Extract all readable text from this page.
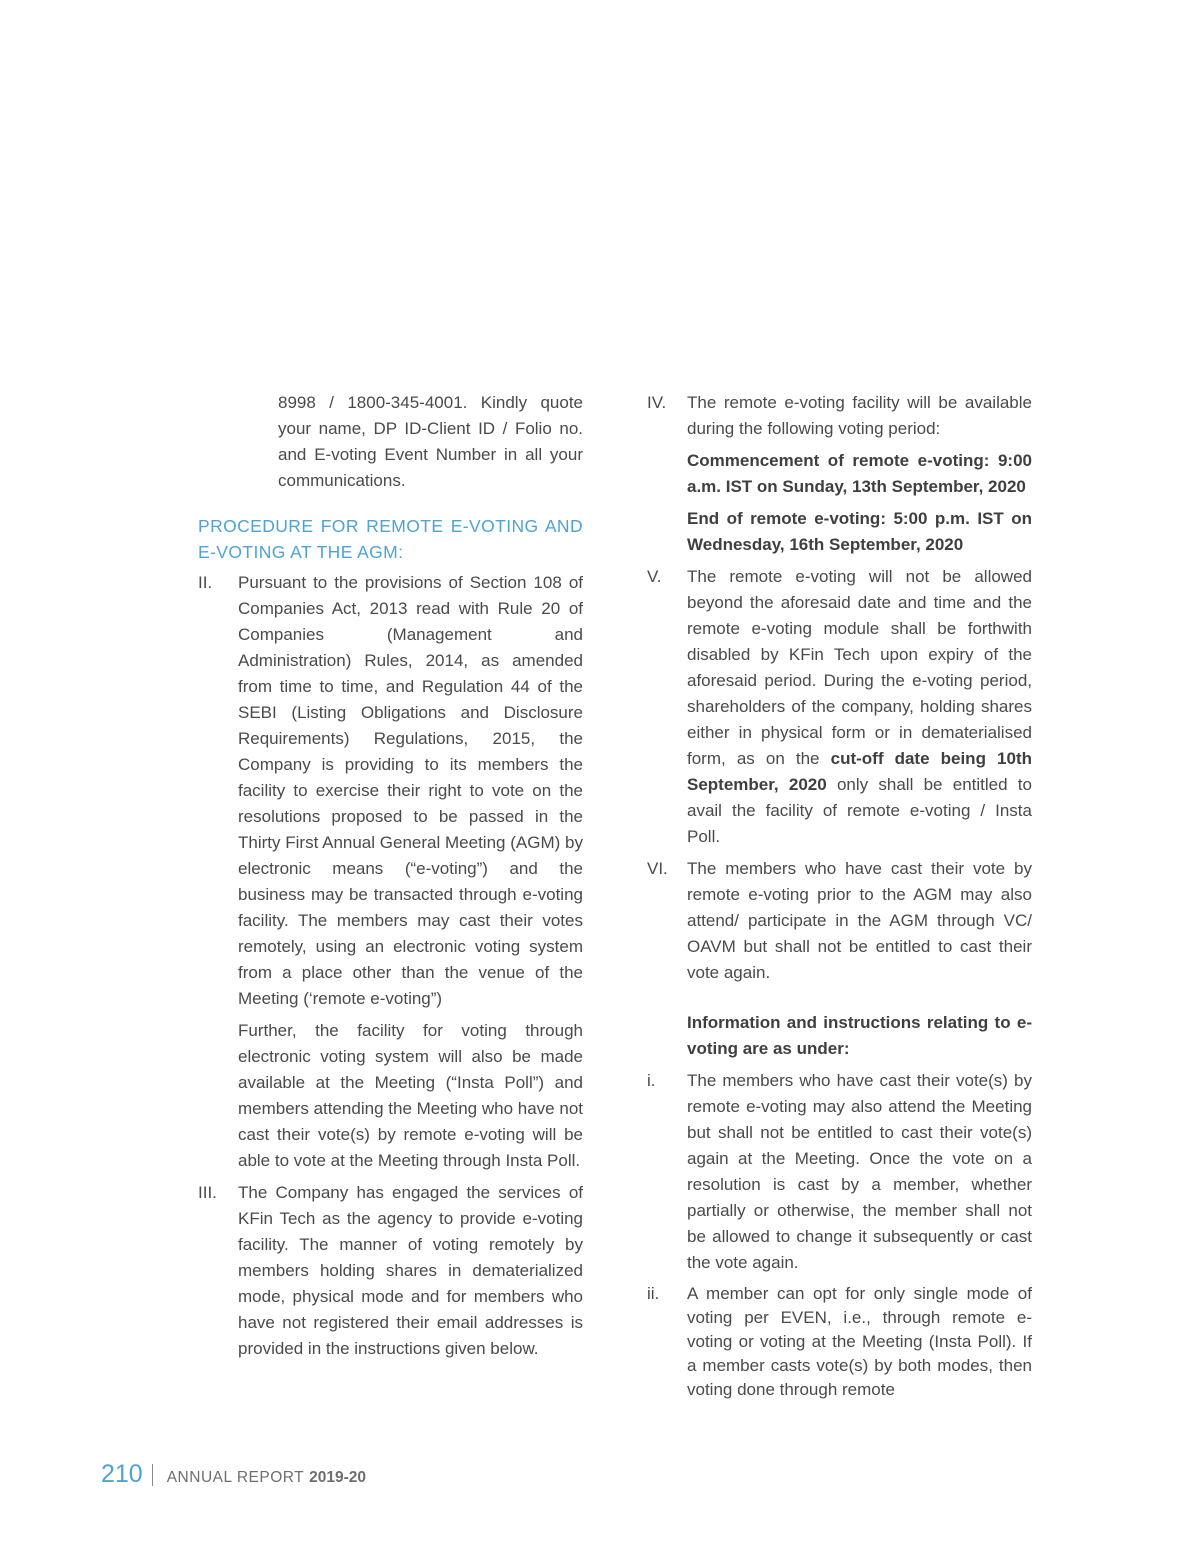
8998 / 1800-345-4001. Kindly quote your name, DP ID-Client ID / Folio no. and E-voting Event Number in all your communications.

PROCEDURE FOR REMOTE E-VOTING AND E-VOTING AT THE AGM:
II.	Pursuant to the provisions of Section 108 of Companies Act, 2013 read with Rule 20 of Companies (Management and Administration) Rules, 2014, as amended from time to time, and Regulation 44 of the SEBI (Listing Obligations and Disclosure Requirements) Regulations, 2015, the Company is providing to its members the facility to exercise their right to vote on the resolutions proposed to be passed in the Thirty First Annual General Meeting (AGM) by electronic means (“e-voting”) and the business may be transacted through e-voting facility. The members may cast their votes remotely, using an electronic voting system from a place other than the venue of the Meeting (‘remote e-voting”)

Further, the facility for voting through electronic voting system will also be made available at the Meeting (“Insta Poll”) and members attending the Meeting who have not cast their vote(s) by remote e-voting will be able to vote at the Meeting through Insta Poll.

III.	The Company has engaged the services of KFin Tech as the agency to provide e-voting facility. The manner of voting remotely by members holding shares in dematerialized mode, physical mode and for members who have not registered their email addresses is provided in the instructions given below.

IV.	The remote e-voting facility will be available during the following voting period:

Commencement of remote e-voting: 9:00 a.m. IST on Sunday, 13th September, 2020

End of remote e-voting: 5:00 p.m. IST on Wednesday, 16th September, 2020

V.	The remote e-voting will not be allowed beyond the aforesaid date and time and the remote e-voting module shall be forthwith disabled by KFin Tech upon expiry of the aforesaid period. During the e-voting period, shareholders of the company, holding shares either in physical form or in dematerialised form, as on the cut-off date being 10th September, 2020 only shall be entitled to avail the facility of remote e-voting / Insta Poll.

VI.	The members who have cast their vote by remote e-voting prior to the AGM may also attend/ participate in the AGM through VC/ OAVM but shall not be entitled to cast their vote again.

Information and instructions relating to e-voting are as under:

i.	The members who have cast their vote(s) by remote e-voting may also attend the Meeting but shall not be entitled to cast their vote(s) again at the Meeting. Once the vote on a resolution is cast by a member, whether partially or otherwise, the member shall not be allowed to change it subsequently or cast the vote again.

ii.	A member can opt for only single mode of voting per EVEN, i.e., through remote e-voting or voting at the Meeting (Insta Poll). If a member casts vote(s) by both modes, then voting done through remote

210 ANNUAL REPORT 2019-20
